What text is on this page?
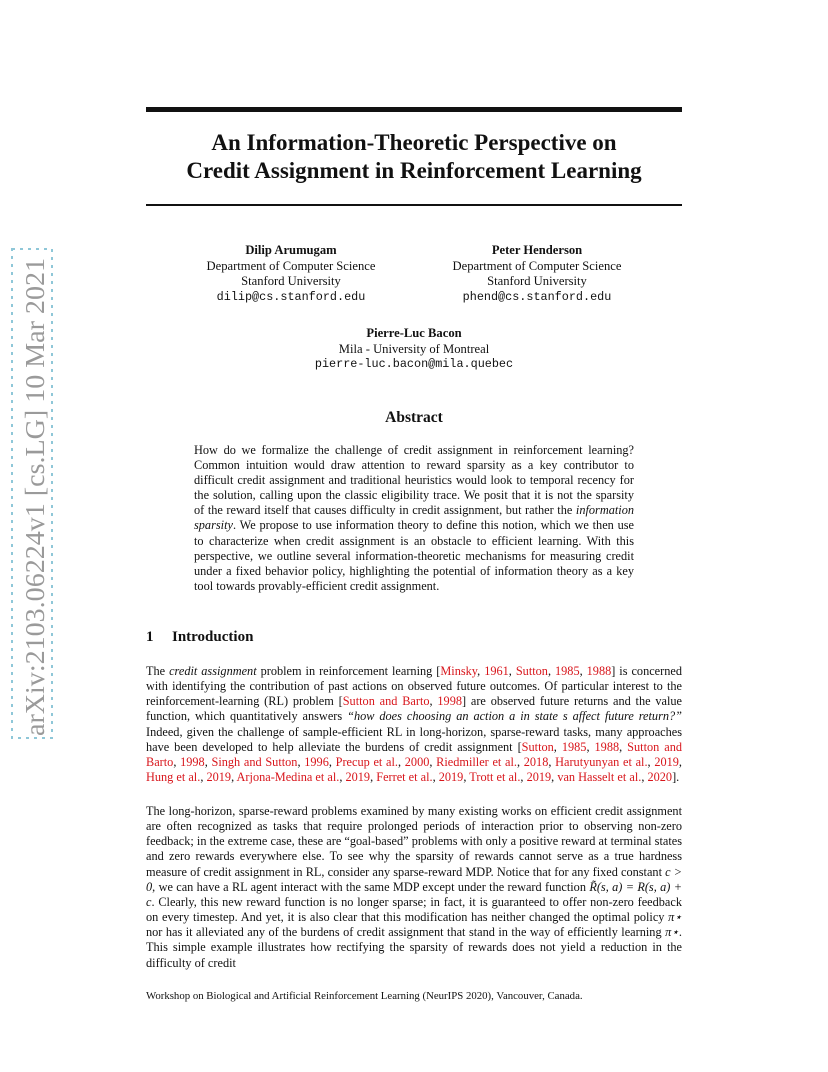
arXiv:2103.06224v1 [cs.LG] 10 Mar 2021
An Information-Theoretic Perspective on
Credit Assignment in Reinforcement Learning
Dilip Arumugam
Department of Computer Science
Stanford University
dilip@cs.stanford.edu
Peter Henderson
Department of Computer Science
Stanford University
phend@cs.stanford.edu
Pierre-Luc Bacon
Mila - University of Montreal
pierre-luc.bacon@mila.quebec
Abstract
How do we formalize the challenge of credit assignment in reinforcement learning? Common intuition would draw attention to reward sparsity as a key contributor to difficult credit assignment and traditional heuristics would look to temporal recency for the solution, calling upon the classic eligibility trace. We posit that it is not the sparsity of the reward itself that causes difficulty in credit assignment, but rather the information sparsity. We propose to use information theory to define this notion, which we then use to characterize when credit assignment is an obstacle to efficient learning. With this perspective, we outline several information-theoretic mechanisms for measuring credit under a fixed behavior policy, highlighting the potential of information theory as a key tool towards provably-efficient credit assignment.
1 Introduction
The credit assignment problem in reinforcement learning [Minsky, 1961, Sutton, 1985, 1988] is concerned with identifying the contribution of past actions on observed future outcomes. Of particular interest to the reinforcement-learning (RL) problem [Sutton and Barto, 1998] are observed future returns and the value function, which quantitatively answers “how does choosing an action a in state s affect future return?” Indeed, given the challenge of sample-efficient RL in long-horizon, sparse-reward tasks, many approaches have been developed to help alleviate the burdens of credit assignment [Sutton, 1985, 1988, Sutton and Barto, 1998, Singh and Sutton, 1996, Precup et al., 2000, Riedmiller et al., 2018, Harutyunyan et al., 2019, Hung et al., 2019, Arjona-Medina et al., 2019, Ferret et al., 2019, Trott et al., 2019, van Hasselt et al., 2020].
The long-horizon, sparse-reward problems examined by many existing works on efficient credit assignment are often recognized as tasks that require prolonged periods of interaction prior to observing non-zero feedback; in the extreme case, these are “goal-based” problems with only a positive reward at terminal states and zero rewards everywhere else. To see why the sparsity of rewards cannot serve as a true hardness measure of credit assignment in RL, consider any sparse-reward MDP. Notice that for any fixed constant c > 0, we can have a RL agent interact with the same MDP except under the reward function R̃(s, a) = R(s, a) + c. Clearly, this new reward function is no longer sparse; in fact, it is guaranteed to offer non-zero feedback on every timestep. And yet, it is also clear that this modification has neither changed the optimal policy π⋆ nor has it alleviated any of the burdens of credit assignment that stand in the way of efficiently learning π⋆. This simple example illustrates how rectifying the sparsity of rewards does not yield a reduction in the difficulty of credit
Workshop on Biological and Artificial Reinforcement Learning (NeurIPS 2020), Vancouver, Canada.
